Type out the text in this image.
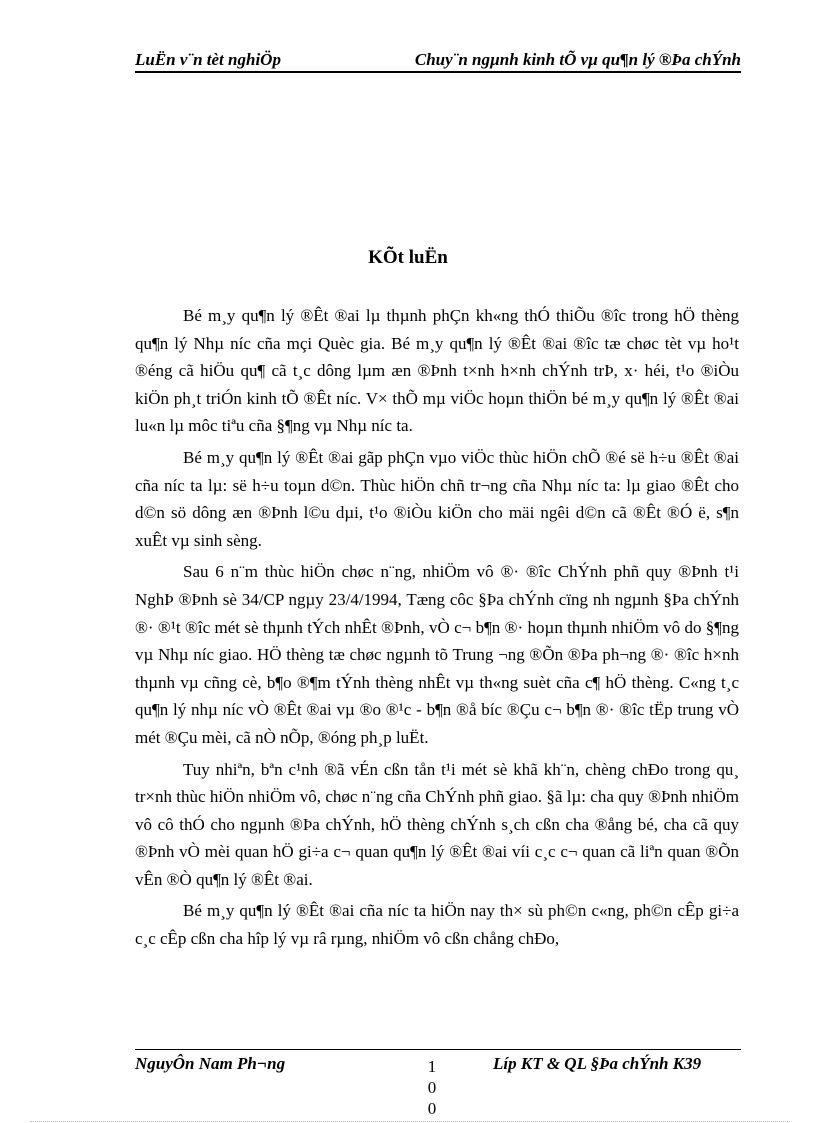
LuËn v¨n tèt nghiÖp	Chuy¨n ngµnh kinh tÕ vµ qu¶n lý ®Þa chÝnh
KÕt luËn

Bé m¸y qu¶n lý ®Êt ®ai lµ thµnh phÇn kh«ng thÓ thiÕu ®îc trong hÖ thèng qu¶n lý Nhµ níc cña mçi Quèc gia. Bé m¸y qu¶n lý ®Êt ®ai ®îc tæ chøc tèt vµ ho¹t ®éng cã hiÖu qu¶ cã t¸c dông lµm æn ®Þnh t×nh h×nh chÝnh trÞ, x· héi, t¹o ®iÒu kiÖn ph¸t triÓn kinh tÕ ®Êt níc. V× thÕ mµ viÖc hoµn thiÖn bé m¸y qu¶n lý ®Êt ®ai lu«n lµ môc tiªu cña §¶ng vµ Nhµ níc ta.

Bé m¸y qu¶n lý ®Êt ®ai gãp phÇn vµo viÖc thùc hiÖn chÕ ®é së h÷u ®Êt ®ai cña níc ta lµ: së h÷u toµn d©n. Thùc hiÖn chñ tr¬ng cña Nhµ níc ta: lµ giao ®Êt cho d©n sö dông æn ®Þnh l©u dµi, t¹o ®iÒu kiÖn cho mäi ngêi d©n cã ®Êt ®Ó ë, s¶n xuÊt vµ sinh sèng.

Sau 6 n¨m thùc hiÖn chøc n¨ng, nhiÖm vô ®· ®îc ChÝnh phñ quy ®Þnh t¹i NghÞ ®Þnh sè 34/CP ngµy 23/4/1994, Tæng côc §Þa chÝnh cïng nh ngµnh §Þa chÝnh ®· ®¹t ®îc mét sè thµnh tÝch nhÊt ®Þnh, vÒ c¬ b¶n ®· hoµn thµnh nhiÖm vô do §¶ng vµ Nhµ níc giao. HÖ thèng tæ chøc ngµnh tõ Trung ¬ng ®Õn ®Þa ph¬ng ®· ®îc h×nh thµnh vµ cñng cè, b¶o ®¶m tÝnh thèng nhÊt vµ th«ng suèt cña c¶ hÖ thèng. C«ng t¸c qu¶n lý nhµ níc vÒ ®Êt ®ai vµ ®o ®¹c - b¶n ®å bíc ®Çu c¬ b¶n ®· ®îc tËp trung vÒ mét ®Çu mèi, cã nÒ nÕp, ®óng ph¸p luËt.

Tuy nhiªn, bªn c¹nh ®ã vÉn cßn tån t¹i mét sè khã kh¨n, chèng chÐo trong qu¸ tr×nh thùc hiÖn nhiÖm vô, chøc n¨ng cña ChÝnh phñ giao. §ã lµ: cha quy ®Þnh nhiÖm vô cô thÓ cho ngµnh ®Þa chÝnh, hÖ thèng chÝnh s¸ch cßn cha ®ång bé, cha cã quy ®Þnh vÒ mèi quan hÖ gi÷a c¬ quan qu¶n lý ®Êt ®ai víi c¸c c¬ quan cã liªn quan ®Õn vÊn ®Ò qu¶n lý ®Êt ®ai.

Bé m¸y qu¶n lý ®Êt ®ai cña níc ta hiÖn nay th× sù ph©n c«ng, ph©n cÊp gi÷a c¸c cÊp cßn cha hîp lý vµ râ rµng, nhiÖm vô cßn chång chÐo,

NguyÔn Nam Ph¬ng	1
0
0
Líp KT & QL §Þa chÝnh K39
